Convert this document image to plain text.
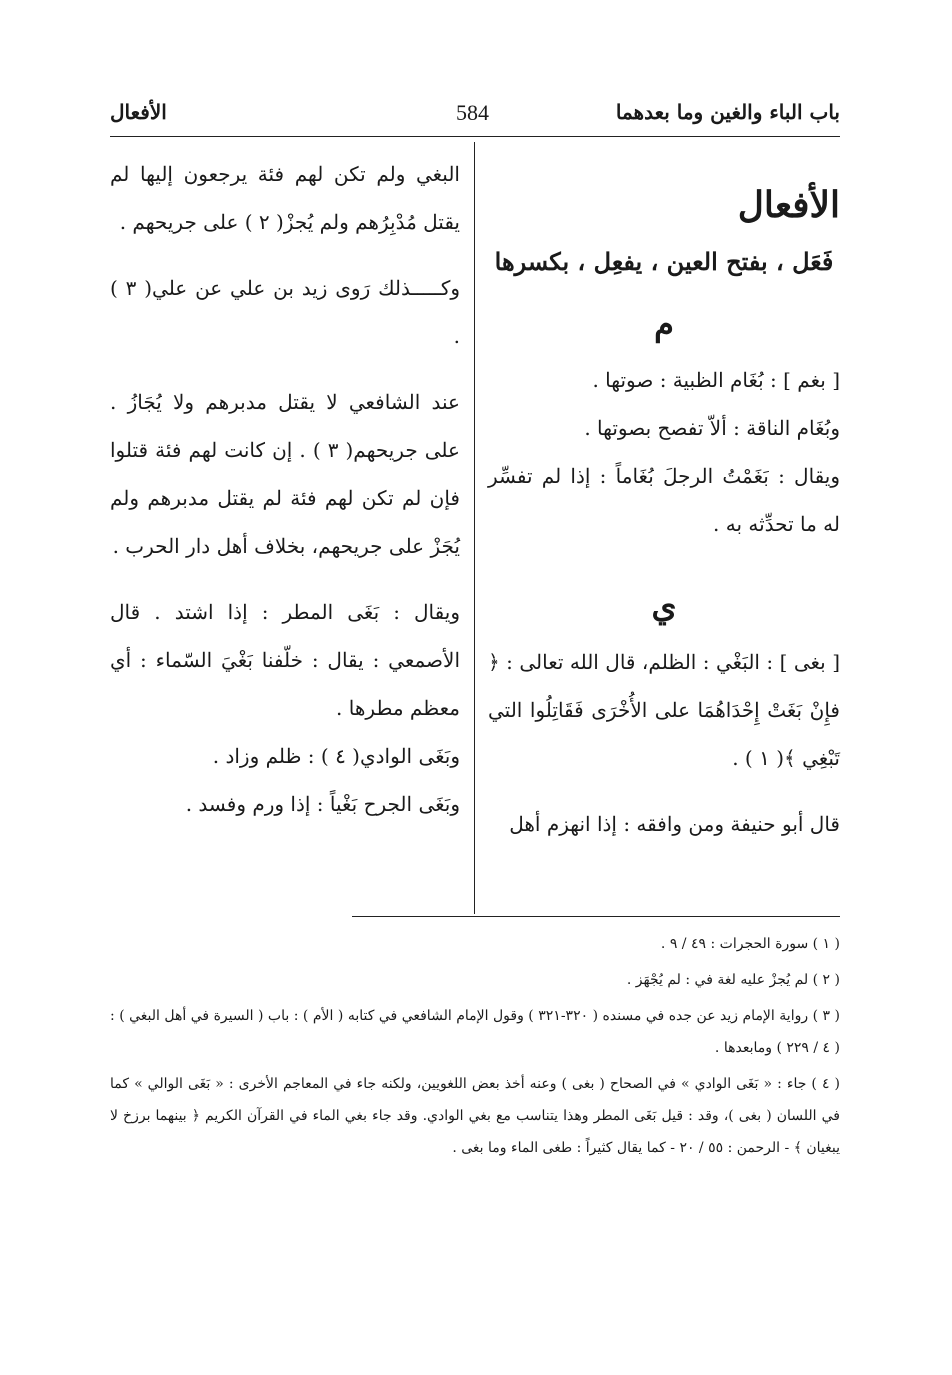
باب الباء والغين وما بعدهما
584
الأفعال
الأفعال
فَعَل ، بفتح العين ، يفعِل ، بكسرها
م

[ بغم ] : بُغَام الظبية : صوتها .

وبُغَام الناقة : ألاّ تفصح بصوتها .

ويقال : بَغَمْتُ الرجلَ بُغَاماً : إذا لم تفسِّر له ما تحدِّثه به .

ي

[ بغى ] : البَغْي : الظلم، قال الله تعالى : ﴿ فإِنْ بَغَتْ إِحْدَاهُمَا على الأُخْرَى فَقَاتِلُوا التي تَبْغِي ﴾( ١ ) .

قال أبو حنيفة ومن وافقه : إذا انهزم أهل

البغي ولم تكن لهم فئة يرجعون إليها لم يقتل مُدْبِرُهم ولم يُجزْ( ٢ ) على جريحهم .

وكـــــذلك رَوى زيد بن علي عن علي( ٣ ) .

عند الشافعي لا يقتل مدبرهم ولا يُجَازُ . على جريحهم( ٣ ) . إن كانت لهم فئة قتلوا فإن لم تكن لهم فئة لم يقتل مدبرهم ولم يُجَزْ على جريحهم، بخلاف أهل دار الحرب .

ويقال : بَغَى المطر : إذا اشتد . قال الأصمعي : يقال : خلّفنا بَغْيَ السّماء : أي معظم مطرها .

وبَغَى الوادي( ٤ ) : ظلم وزاد .

وبَغَى الجرح بَغْياً : إذا ورم وفسد .

( ١ ) سورة الحجرات : ٤٩ / ٩ .

( ٢ ) لم يُجزْ عليه لغة في : لم يُجْهَز .

( ٣ ) رواية الإمام زيد عن جده في مسنده ( ٣٢٠-٣٢١ ) وقول الإمام الشافعي في كتابه ( الأم ) : باب ( السيرة في أهل البغي ) : ( ٤ / ٢٢٩ ) ومابعدها .

( ٤ ) جاء : « بَغَى الوادي » في الصحاح ( بغى ) وعنه أخذ بعض اللغويين، ولكنه جاء في المعاجم الأخرى : « بَغَى الوالي » كما في اللسان ( بغى )، وقد : قيل بَغَى المطر وهذا يتناسب مع بغي الوادي. وقد جاء بغي الماء في القرآن الكريم ﴿ بينهما برزخ لا يبغيان ﴾ - الرحمن : ٥٥ / ٢٠ - كما يقال كثيراً : طغى الماء وما بغى .
